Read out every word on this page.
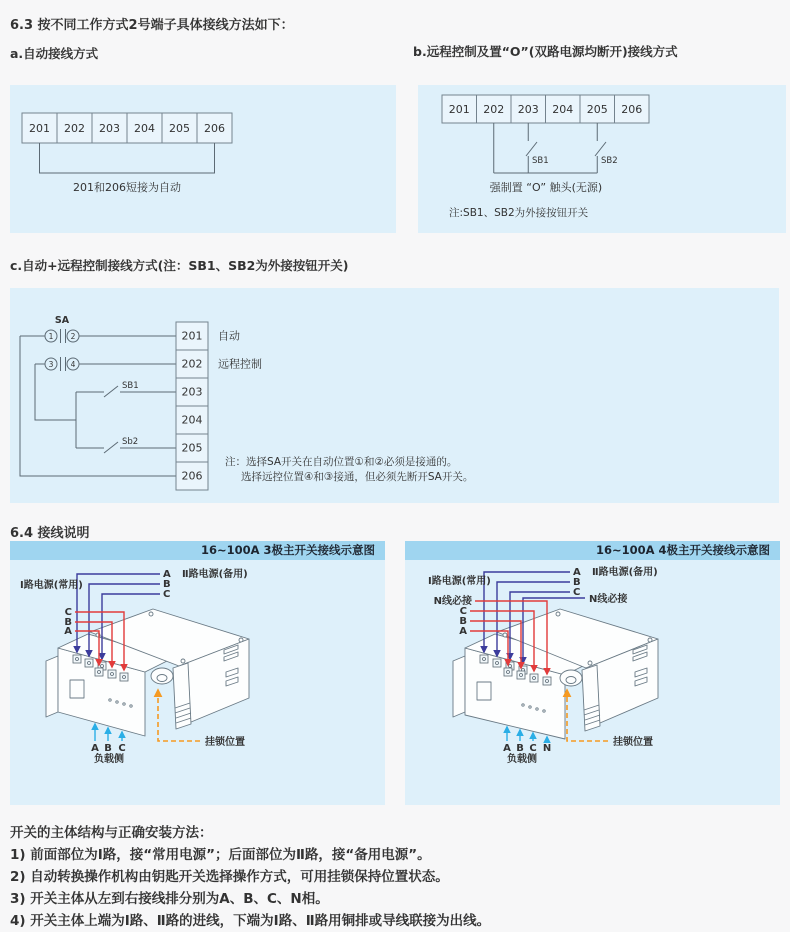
6.3 按不同工作方式2号端子具体接线方法如下：
a.自动接线方式	b.远程控制及置“O”(双路电源均断开)接线方式
201 202 203 204 205 206
201和206短接为自动
201 202 203 204 205 206
SB1	SB2
强制置 “O” 触头(无源)
注:SB1、SB2为外接按钮开关
c.自动+远程控制接线方式(注：SB1、SB2为外接按钮开关)
SA
1 2
3 4
SB1
Sb2
201
202
203
204
205
206
自动
远程控制
注：选择SA开关在自动位置①和②必须是接通的。
选择远控位置④和③接通，但必须先断开SA开关。
6.4 接线说明
16~100A 3极主开关接线示意图
Ⅰ路电源(常用)
A
B
C
Ⅱ路电源(备用)
C
B
A
A B C
负载侧
挂锁位置
16~100A 4极主开关接线示意图
Ⅰ路电源(常用)
N线必接
C
B
A
A
B
C
Ⅱ路电源(备用)
N线必接
A B C N
负载侧
挂锁位置
开关的主体结构与正确安装方法：
1) 前面部位为Ⅰ路，接“常用电源”；后面部位为Ⅱ路，接“备用电源”。
2) 自动转换操作机构由钥匙开关选择操作方式，可用挂锁保持位置状态。
3) 开关主体从左到右接线排分别为A、B、C、N相。
4) 开关主体上端为Ⅰ路、Ⅱ路的进线，下端为Ⅰ路、Ⅱ路用铜排或导线联接为出线。
